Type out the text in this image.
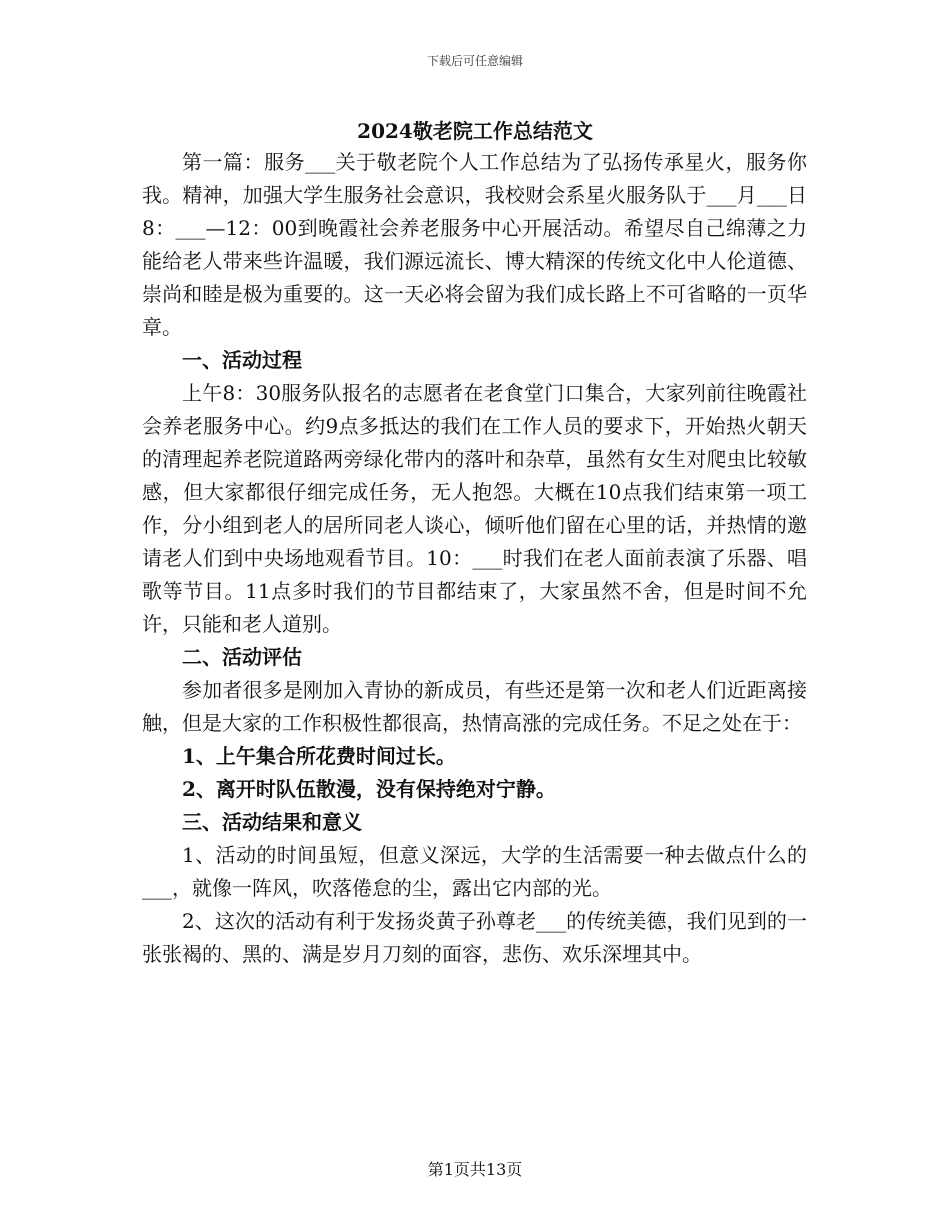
下载后可任意编辑
2024敬老院工作总结范文

第一篇：服务___关于敬老院个人工作总结为了弘扬传承星火，服务你我。精神，加强大学生服务社会意识，我校财会系星火服务队于___月___日8：___—12：00到晚霞社会养老服务中心开展活动。希望尽自己绵薄之力能给老人带来些许温暖，我们源远流长、博大精深的传统文化中人伦道德、崇尚和睦是极为重要的。这一天必将会留为我们成长路上不可省略的一页华章。

一、活动过程

上午8：30服务队报名的志愿者在老食堂门口集合，大家列前往晚霞社会养老服务中心。约9点多抵达的我们在工作人员的要求下，开始热火朝天的清理起养老院道路两旁绿化带内的落叶和杂草，虽然有女生对爬虫比较敏感，但大家都很仔细完成任务，无人抱怨。大概在10点我们结束第一项工作，分小组到老人的居所同老人谈心，倾听他们留在心里的话，并热情的邀请老人们到中央场地观看节目。10：___时我们在老人面前表演了乐器、唱歌等节目。11点多时我们的节目都结束了，大家虽然不舍，但是时间不允许，只能和老人道别。

二、活动评估

参加者很多是刚加入青协的新成员，有些还是第一次和老人们近距离接触，但是大家的工作积极性都很高，热情高涨的完成任务。不足之处在于：

1、上午集合所花费时间过长。

2、离开时队伍散漫，没有保持绝对宁静。

三、活动结果和意义

1、活动的时间虽短，但意义深远，大学的生活需要一种去做点什么的___，就像一阵风，吹落倦怠的尘，露出它内部的光。

2、这次的活动有利于发扬炎黄子孙尊老___的传统美德，我们见到的一张张褐的、黑的、满是岁月刀刻的面容，悲伤、欢乐深埋其中。

第1页共13页
